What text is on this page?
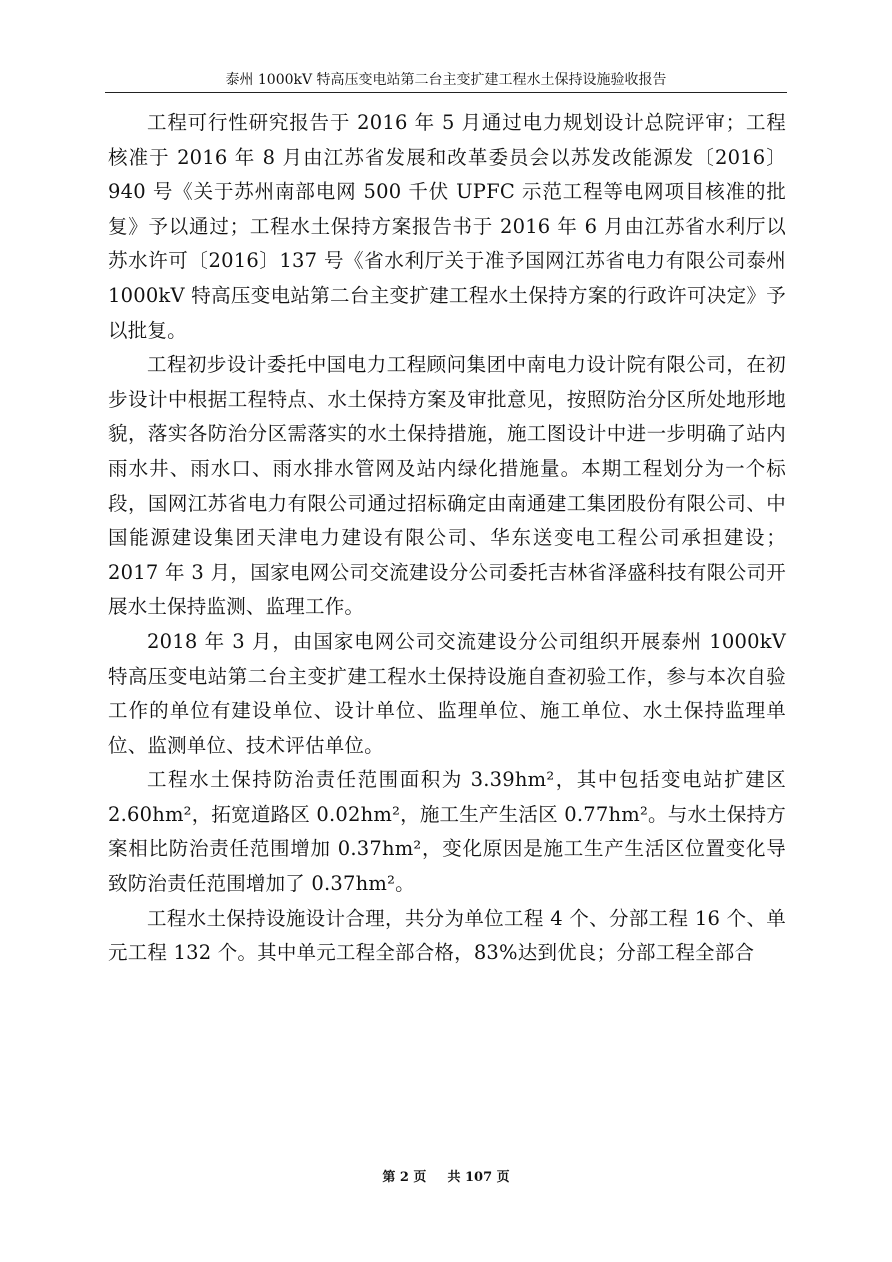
泰州 1000kV 特高压变电站第二台主变扩建工程水土保持设施验收报告

工程可行性研究报告于 2016 年 5 月通过电力规划设计总院评审；工程核准于 2016 年 8 月由江苏省发展和改革委员会以苏发改能源发〔2016〕940 号《关于苏州南部电网 500 千伏 UPFC 示范工程等电网项目核准的批复》予以通过；工程水土保持方案报告书于 2016 年 6 月由江苏省水利厅以苏水许可〔2016〕137 号《省水利厅关于准予国网江苏省电力有限公司泰州 1000kV 特高压变电站第二台主变扩建工程水土保持方案的行政许可决定》予以批复。

工程初步设计委托中国电力工程顾问集团中南电力设计院有限公司，在初步设计中根据工程特点、水土保持方案及审批意见，按照防治分区所处地形地貌，落实各防治分区需落实的水土保持措施，施工图设计中进一步明确了站内雨水井、雨水口、雨水排水管网及站内绿化措施量。本期工程划分为一个标段，国网江苏省电力有限公司通过招标确定由南通建工集团股份有限公司、中国能源建设集团天津电力建设有限公司、华东送变电工程公司承担建设；2017 年 3 月，国家电网公司交流建设分公司委托吉林省泽盛科技有限公司开展水土保持监测、监理工作。

2018 年 3 月，由国家电网公司交流建设分公司组织开展泰州 1000kV 特高压变电站第二台主变扩建工程水土保持设施自查初验工作，参与本次自验工作的单位有建设单位、设计单位、监理单位、施工单位、水土保持监理单位、监测单位、技术评估单位。

工程水土保持防治责任范围面积为 3.39hm²，其中包括变电站扩建区 2.60hm²，拓宽道路区 0.02hm²，施工生产生活区 0.77hm²。与水土保持方案相比防治责任范围增加 0.37hm²，变化原因是施工生产生活区位置变化导致防治责任范围增加了 0.37hm²。

工程水土保持设施设计合理，共分为单位工程 4 个、分部工程 16 个、单元工程 132 个。其中单元工程全部合格，83%达到优良；分部工程全部合

第 2 页 共 107 页
